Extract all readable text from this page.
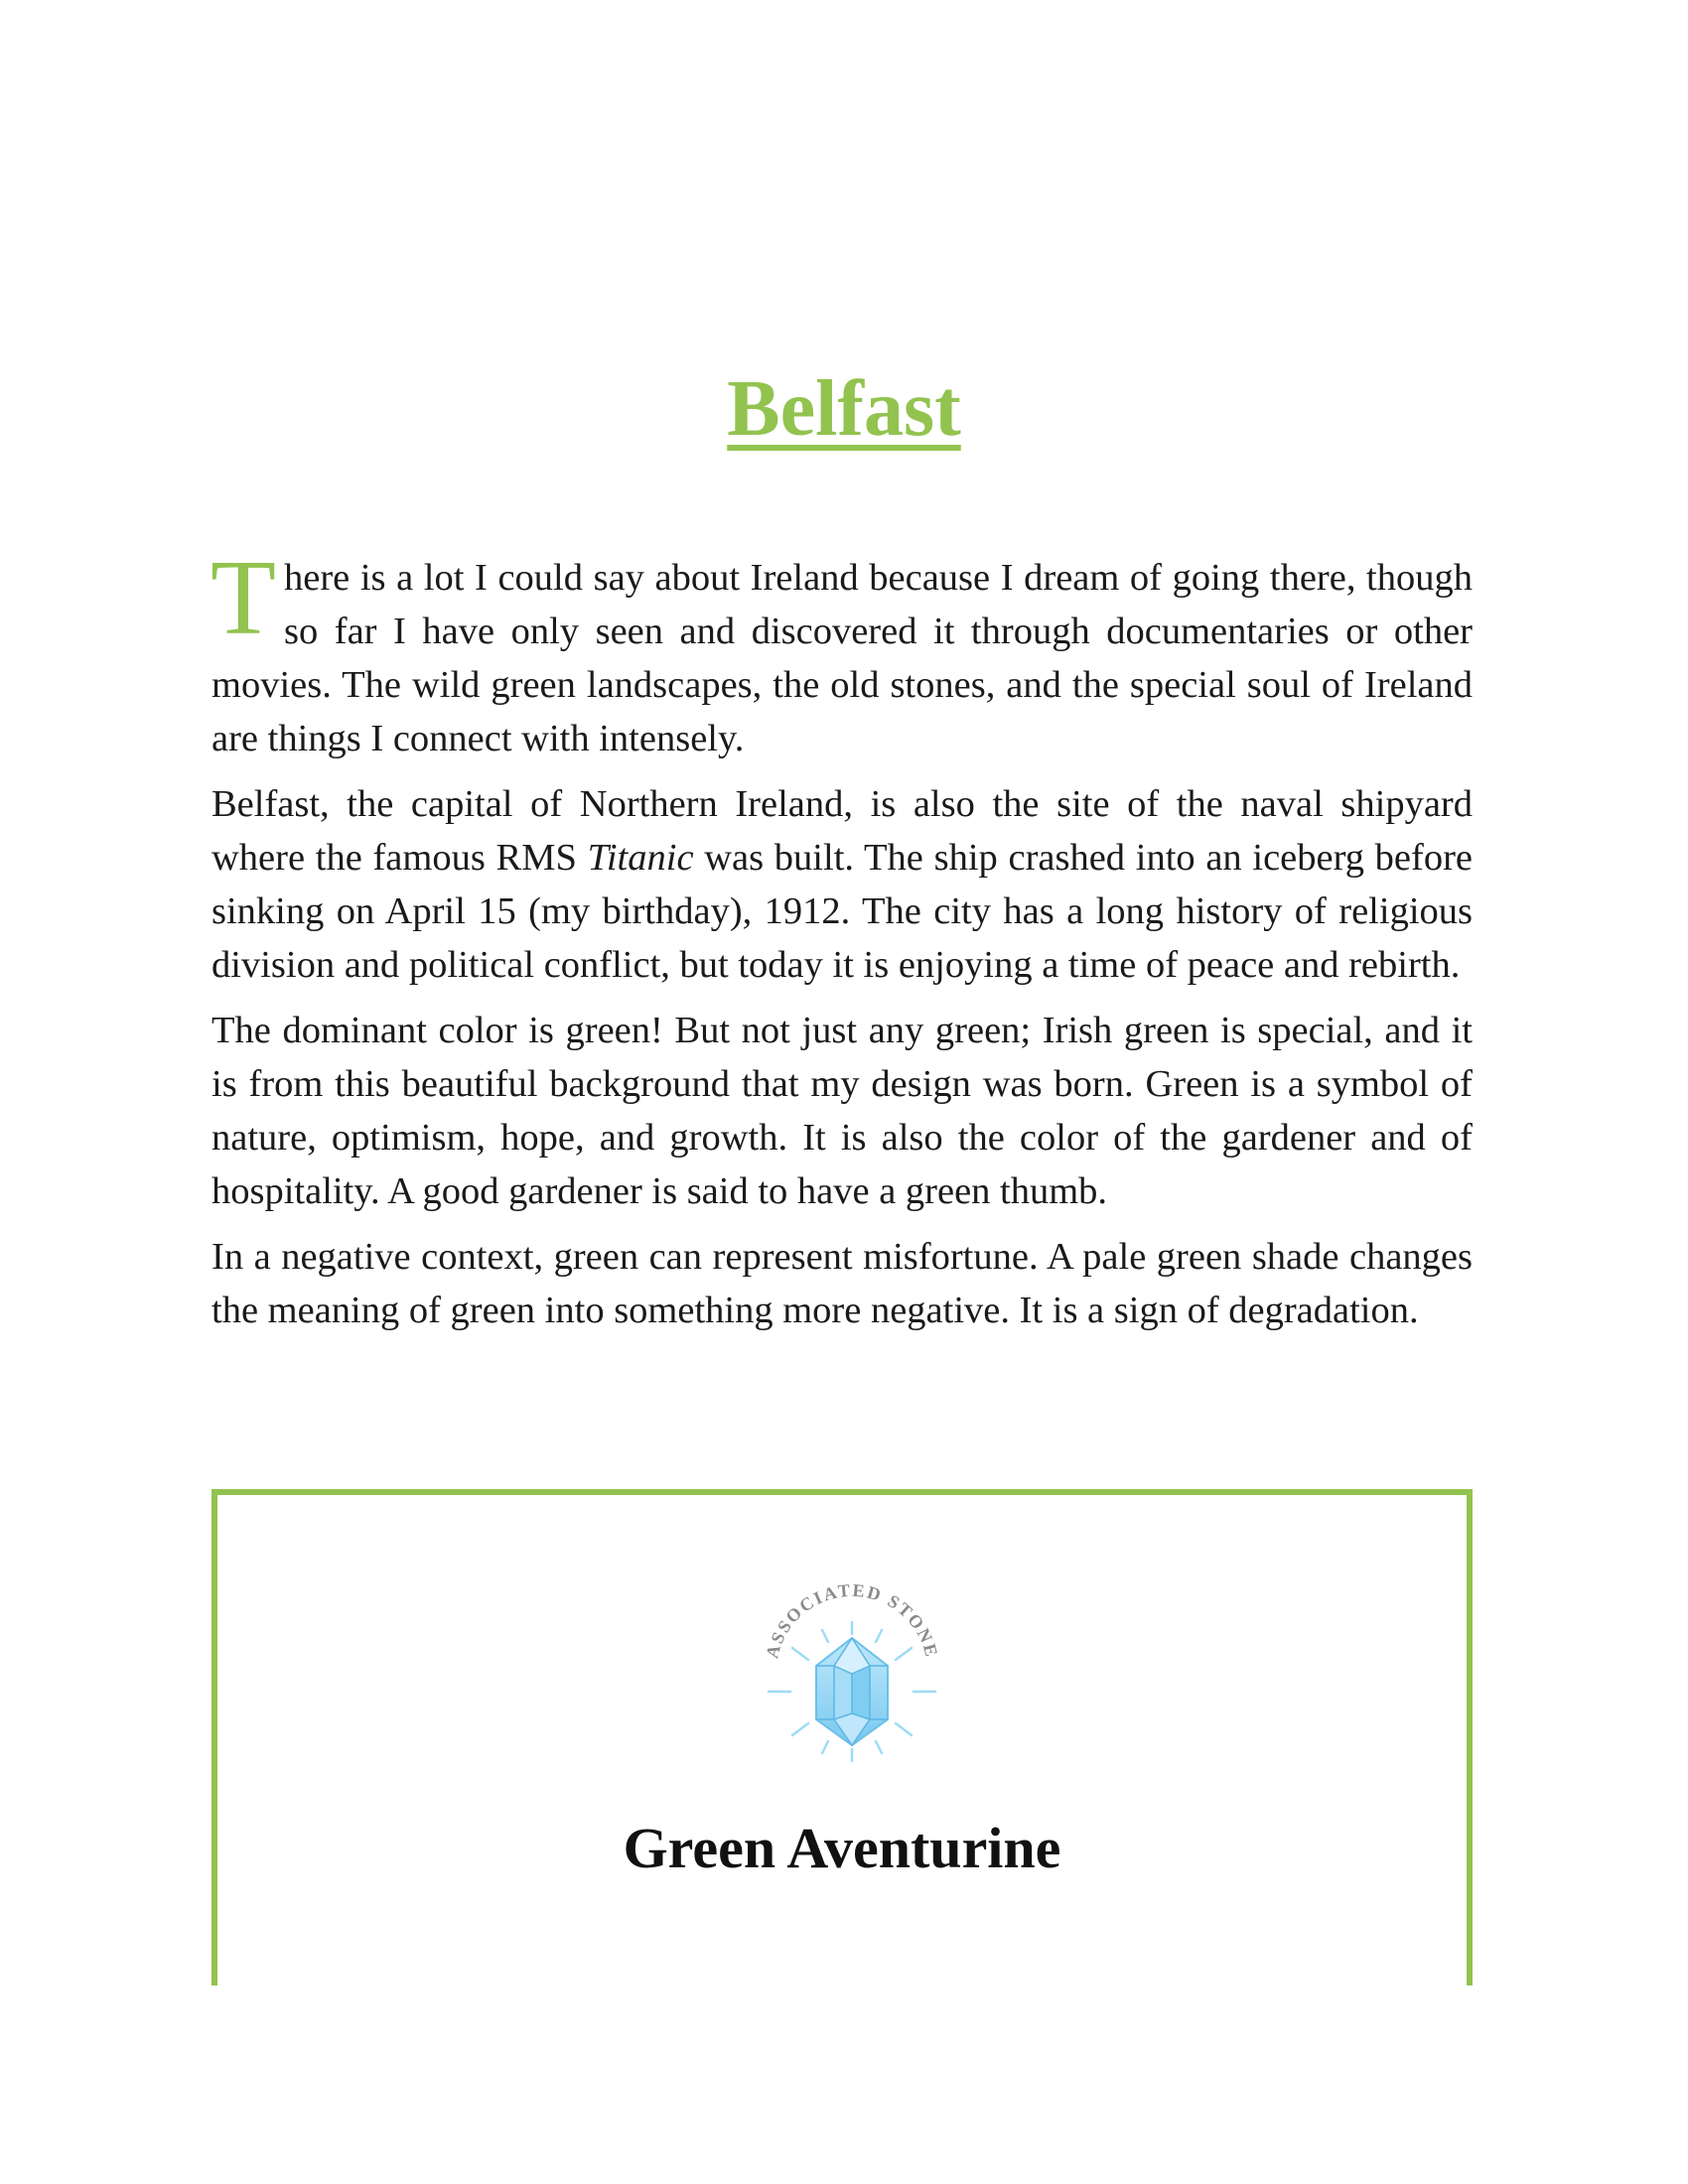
Belfast

There is a lot I could say about Ireland because I dream of going there, though so far I have only seen and discovered it through documentaries or other movies. The wild green landscapes, the old stones, and the special soul of Ireland are things I connect with intensely.

Belfast, the capital of Northern Ireland, is also the site of the naval shipyard where the famous RMS Titanic was built. The ship crashed into an iceberg before sinking on April 15 (my birthday), 1912. The city has a long history of religious division and political conflict, but today it is enjoying a time of peace and rebirth.

The dominant color is green! But not just any green; Irish green is special, and it is from this beautiful background that my design was born. Green is a symbol of nature, optimism, hope, and growth. It is also the color of the gardener and of hospitality. A good gardener is said to have a green thumb.

In a negative context, green can represent misfortune. A pale green shade changes the meaning of green into something more negative. It is a sign of degradation.

ASSOCIATED STONE
Green Aventurine
